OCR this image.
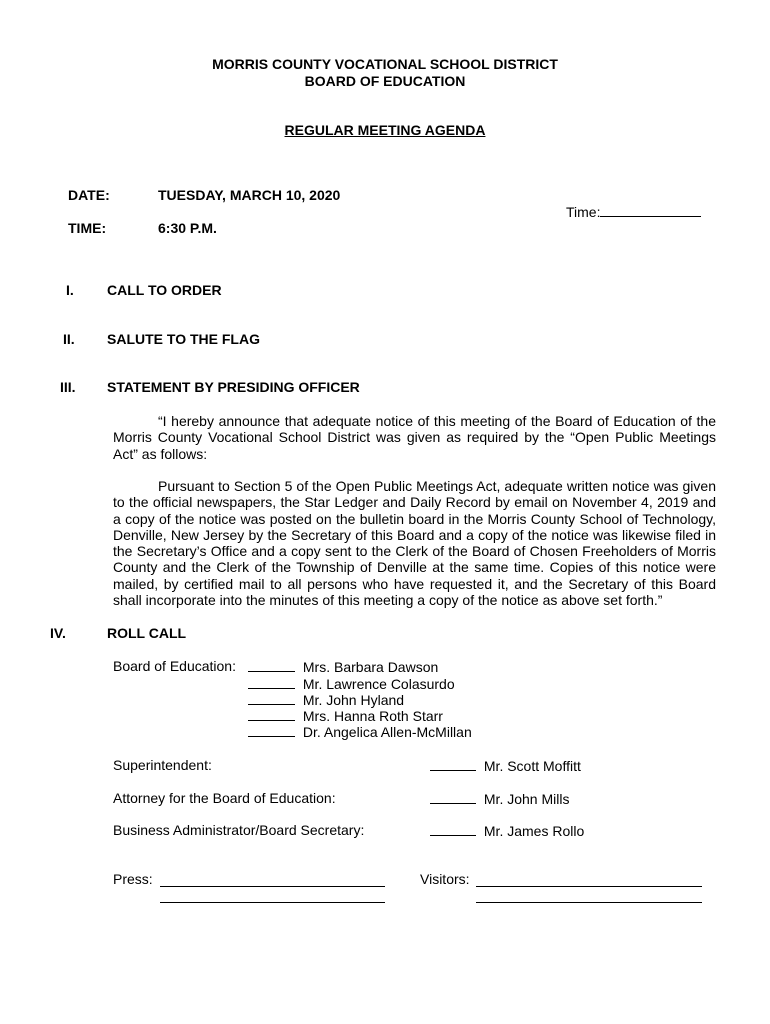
MORRIS COUNTY VOCATIONAL SCHOOL DISTRICT
BOARD OF EDUCATION
REGULAR MEETING AGENDA
DATE:	TUESDAY, MARCH 10, 2020
TIME:	6:30 P.M.
Time:
I. CALL TO ORDER
II. SALUTE TO THE FLAG
III. STATEMENT BY PRESIDING OFFICER
“I hereby announce that adequate notice of this meeting of the Board of Education of the Morris County Vocational School District was given as required by the “Open Public Meetings Act” as follows:
Pursuant to Section 5 of the Open Public Meetings Act, adequate written notice was given to the official newspapers, the Star Ledger and Daily Record by email on November 4, 2019 and a copy of the notice was posted on the bulletin board in the Morris County School of Technology, Denville, New Jersey by the Secretary of this Board and a copy of the notice was likewise filed in the Secretary’s Office and a copy sent to the Clerk of the Board of Chosen Freeholders of Morris County and the Clerk of the Township of Denville at the same time. Copies of this notice were mailed, by certified mail to all persons who have requested it, and the Secretary of this Board shall incorporate into the minutes of this meeting a copy of the notice as above set forth.”
IV.	ROLL CALL
Board of Education:	Mrs. Barbara Dawson
Mr. Lawrence Colasurdo
Mr. John Hyland
Mrs. Hanna Roth Starr
Dr. Angelica Allen-McMillan
Superintendent:	Mr. Scott Moffitt
Attorney for the Board of Education:	Mr. John Mills
Business Administrator/Board Secretary:	Mr. James Rollo
Press:	Visitors:
